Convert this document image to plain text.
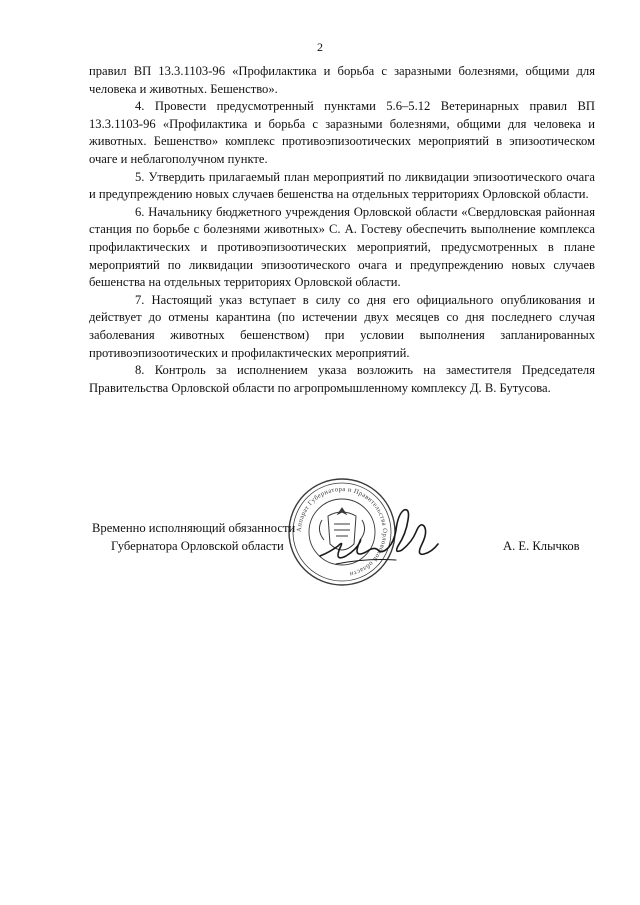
2

правил ВП 13.3.1103-96 «Профилактика и борьба с заразными болезнями, общими для человека и животных. Бешенство».

4. Провести предусмотренный пунктами 5.6–5.12 Ветеринарных правил ВП 13.3.1103-96 «Профилактика и борьба с заразными болезнями, общими для человека и животных. Бешенство» комплекс противоэпизоотических мероприятий в эпизоотическом очаге и неблагополучном пункте.

5. Утвердить прилагаемый план мероприятий по ликвидации эпизоотического очага и предупреждению новых случаев бешенства на отдельных территориях Орловской области.

6. Начальнику бюджетного учреждения Орловской области «Свердловская районная станция по борьбе с болезнями животных» С. А. Гостеву обеспечить выполнение комплекса профилактических и противоэпизоотических мероприятий, предусмотренных в плане мероприятий по ликвидации эпизоотического очага и предупреждению новых случаев бешенства на отдельных территориях Орловской области.

7. Настоящий указ вступает в силу со дня его официального опубликования и действует до отмены карантина (по истечении двух месяцев со дня последнего случая заболевания животных бешенством) при условии выполнения запланированных противоэпизоотических и профилактических мероприятий.

8. Контроль за исполнением указа возложить на заместителя Председателя Правительства Орловской области по агропромышленному комплексу Д. В. Бутусова.

Аппарат Губернатора и Правительства Орловской области
Временно исполняющий обязанности
Губернатора Орловской области	А. Е. Клычков
